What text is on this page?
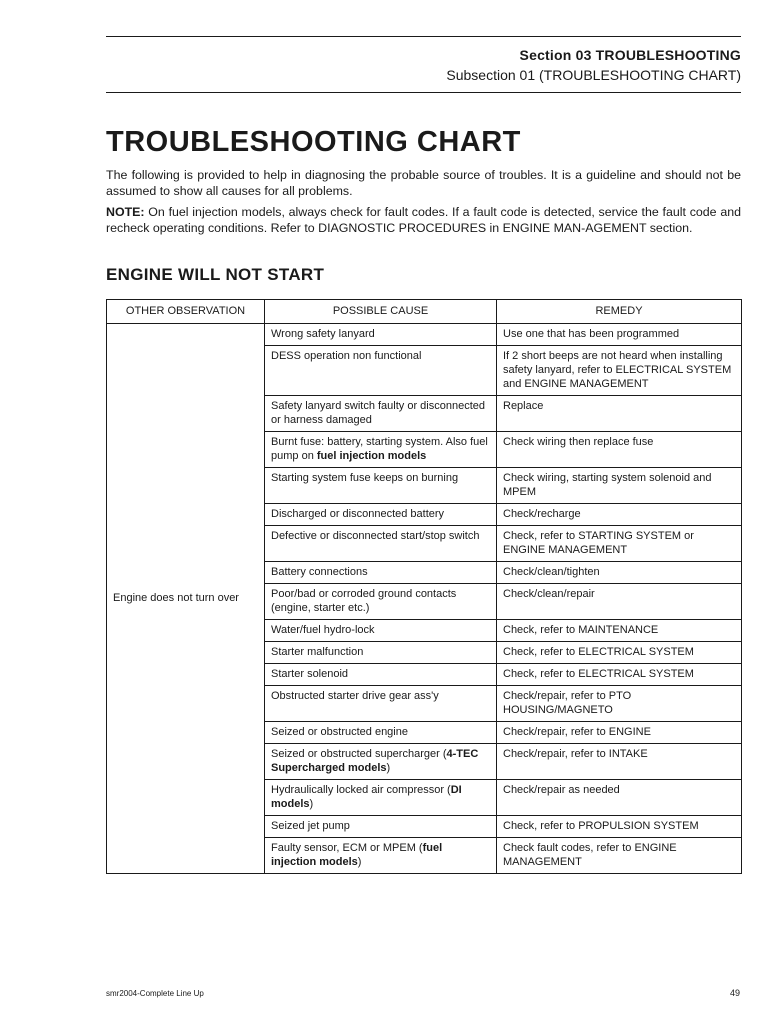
Section 03 TROUBLESHOOTING
Subsection 01 (TROUBLESHOOTING CHART)
TROUBLESHOOTING CHART

The following is provided to help in diagnosing the probable source of troubles. It is a guideline and should not be assumed to show all causes for all problems.

NOTE: On fuel injection models, always check for fault codes. If a fault code is detected, service the fault code and recheck operating conditions. Refer to DIAGNOSTIC PROCEDURES in ENGINE MAN-AGEMENT section.

ENGINE WILL NOT START
OTHER OBSERVATION	POSSIBLE CAUSE	REMEDY
Engine does not turn over	Wrong safety lanyard	Use one that has been programmed
	DESS operation non functional	If 2 short beeps are not heard when installing safety lanyard, refer to ELECTRICAL SYSTEM and ENGINE MANAGEMENT
	Safety lanyard switch faulty or disconnected or harness damaged	Replace
	Burnt fuse: battery, starting system. Also fuel pump on fuel injection models	Check wiring then replace fuse
	Starting system fuse keeps on burning	Check wiring, starting system solenoid and MPEM
	Discharged or disconnected battery	Check/recharge
	Defective or disconnected start/stop switch	Check, refer to STARTING SYSTEM or ENGINE MANAGEMENT
	Battery connections	Check/clean/tighten
	Poor/bad or corroded ground contacts (engine, starter etc.)	Check/clean/repair
	Water/fuel hydro-lock	Check, refer to MAINTENANCE
	Starter malfunction	Check, refer to ELECTRICAL SYSTEM
	Starter solenoid	Check, refer to ELECTRICAL SYSTEM
	Obstructed starter drive gear ass'y	Check/repair, refer to PTO HOUSING/MAGNETO
	Seized or obstructed engine	Check/repair, refer to ENGINE
	Seized or obstructed supercharger (4-TEC Supercharged models)	Check/repair, refer to INTAKE
	Hydraulically locked air compressor (DI models)	Check/repair as needed
	Seized jet pump	Check, refer to PROPULSION SYSTEM
	Faulty sensor, ECM or MPEM (fuel injection models)	Check fault codes, refer to ENGINE MANAGEMENT
smr2004-Complete Line Up	49
